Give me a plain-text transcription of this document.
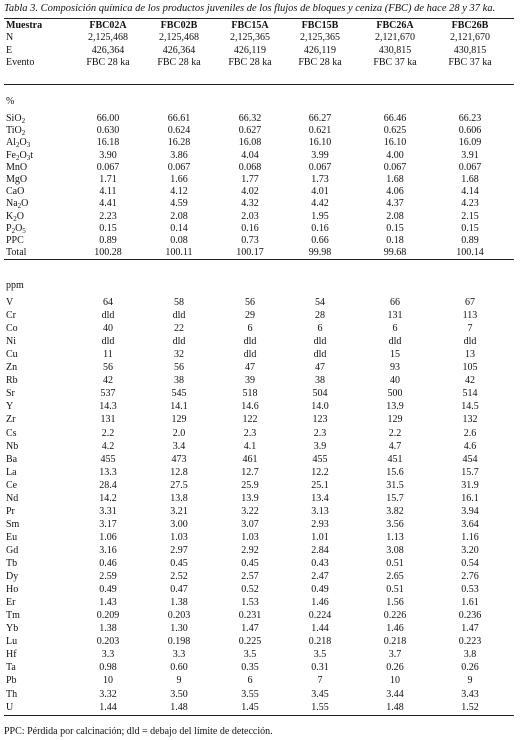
Tabla 3. Composición química de los productos juveniles de los flujos de bloques y ceniza (FBC) de hace 28 y 37 ka.
Muestra	FBC02A	FBC02B	FBC15A	FBC15B	FBC26A	FBC26B
N	2,125,468	2,125,468	2,125,365	2,125,365	2,121,670	2,121,670
E	426,364	426,364	426,119	426,119	430,815	430,815
Evento	FBC 28 ka	FBC 28 ka	FBC 28 ka	FBC 28 ka	FBC 37 ka	FBC 37 ka
%
SiO$_2$	66.00	66.61	66.32	66.27	66.46	66.23
TiO$_2$	0.630	0.624	0.627	0.621	0.625	0.606
$Al_2O_3$	16.18	16.28	16.08	16.10	16.10	16.09
$Fe_2O_3t$	3.90	3.86	4.04	3.99	4.00	3.91
MnO	0.067	0.067	0.068	0.067	0.067	0.067
MgO	1.71	1.66	1.77	1.73	1.68	1.68
CaO	4.11	4.12	4.02	4.01	4.06	4.14
$Na_2O$	4.41	4.59	4.32	4.42	4.37	4.23
$K_2O$	2.23	2.08	2.03	1.95	2.08	2.15
$P_2O_5$	0.15	0.14	0.16	0.16	0.15	0.15
PPC	0.89	0.08	0.73	0.66	0.18	0.89
Total	100.28	100.11	100.17	99.98	99.68	100.14
ppm
V	64	58	56	54	66	67
Cr	dld	dld	29	28	131	113
Co	40	22	6	6	6	7
Ni	dld	dld	dld	dld	dld	dld
Cu	11	32	dld	dld	15	13
Zn	56	56	47	47	93	105
Rb	42	38	39	38	40	42
Sr	537	545	518	504	500	514
Y	14.3	14.1	14.6	14.0	13.9	14.5
Zr	131	129	122	123	129	132
Cs	2.2	2.0	2.3	2.3	2.2	2.6
Nb	4.2	3.4	4.1	3.9	4.7	4.6
Ba	455	473	461	455	451	454
La	13.3	12.8	12.7	12.2	15.6	15.7
Ce	28.4	27.5	25.9	25.1	31.5	31.9
Nd	14.2	13.8	13.9	13.4	15.7	16.1
Pr	3.31	3.21	3.22	3.13	3.82	3.94
Sm	3.17	3.00	3.07	2.93	3.56	3.64
Eu	1.06	1.03	1.03	1.01	1.13	1.16
Gd	3.16	2.97	2.92	2.84	3.08	3.20
Tb	0.46	0.45	0.45	0.43	0.51	0.54
Dy	2.59	2.52	2.57	2.47	2.65	2.76
Ho	0.49	0.47	0.52	0.49	0.51	0.53
Er	1.43	1.38	1.53	1.46	1.56	1.61
Tm	0.209	0.203	0.231	0.224	0.226	0.236
Yb	1.38	1.30	1.47	1.44	1.46	1.47
Lu	0.203	0.198	0.225	0.218	0.218	0.223
Hf	3.3	3.3	3.5	3.5	3.7	3.8
Ta	0.98	0.60	0.35	0.31	0.26	0.26
Pb	10	9	6	7	10	9
Th	3.32	3.50	3.55	3.45	3.44	3.43
U	1.44	1.48	1.45	1.55	1.48	1.52
PPC: Pérdida por calcinación; dld = debajo del límite de detección.
